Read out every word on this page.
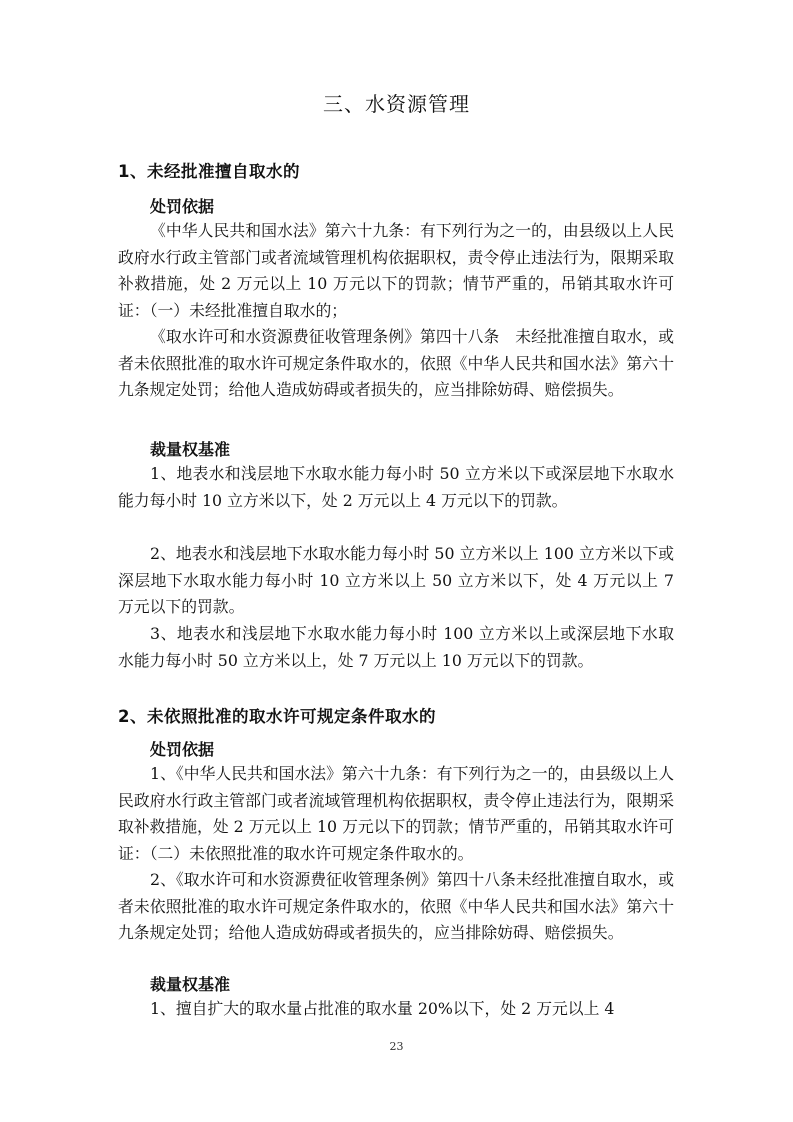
三、水资源管理
1、未经批准擅自取水的
处罚依据

《中华人民共和国水法》第六十九条：有下列行为之一的，由县级以上人民政府水行政主管部门或者流域管理机构依据职权，责令停止违法行为，限期采取补救措施，处 2 万元以上 10 万元以下的罚款；情节严重的，吊销其取水许可证：（一）未经批准擅自取水的；

《取水许可和水资源费征收管理条例》第四十八条　未经批准擅自取水，或者未依照批准的取水许可规定条件取水的，依照《中华人民共和国水法》第六十九条规定处罚；给他人造成妨碍或者损失的，应当排除妨碍、赔偿损失。

裁量权基准

1、地表水和浅层地下水取水能力每小时 50 立方米以下或深层地下水取水能力每小时 10 立方米以下，处 2 万元以上 4 万元以下的罚款。

2、地表水和浅层地下水取水能力每小时 50 立方米以上 100 立方米以下或深层地下水取水能力每小时 10 立方米以上 50 立方米以下，处 4 万元以上 7 万元以下的罚款。

3、地表水和浅层地下水取水能力每小时 100 立方米以上或深层地下水取水能力每小时 50 立方米以上，处 7 万元以上 10 万元以下的罚款。

2、未依照批准的取水许可规定条件取水的
处罚依据

1、《中华人民共和国水法》第六十九条：有下列行为之一的，由县级以上人民政府水行政主管部门或者流域管理机构依据职权，责令停止违法行为，限期采取补救措施，处 2 万元以上 10 万元以下的罚款；情节严重的，吊销其取水许可证：（二）未依照批准的取水许可规定条件取水的。

2、《取水许可和水资源费征收管理条例》第四十八条未经批准擅自取水，或者未依照批准的取水许可规定条件取水的，依照《中华人民共和国水法》第六十九条规定处罚；给他人造成妨碍或者损失的，应当排除妨碍、赔偿损失。

裁量权基准

1、擅自扩大的取水量占批准的取水量 20%以下，处 2 万元以上 4

23
